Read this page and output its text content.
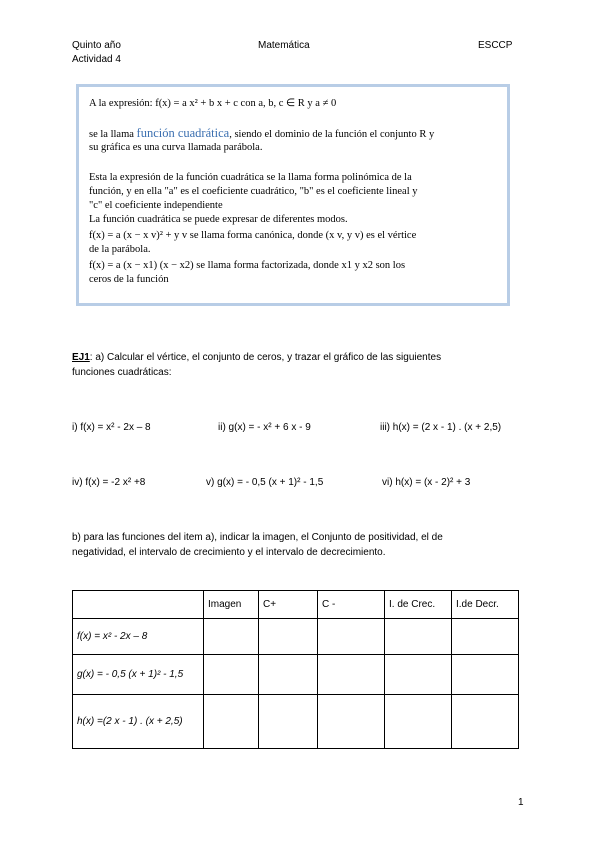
Quinto año
Actividad 4
Matemática	ESCCP
A la expresión: f(x) = a x² + b x + c con a, b, c ∈ R y a ≠ 0
se la llama función cuadrática, siendo el dominio de la función el conjunto R y
su gráfica es una curva llamada parábola.
Esta la expresión de la función cuadrática se la llama forma polinómica de la
función, y en ella "a" es el coeficiente cuadrático, "b" es el coeficiente lineal y
"c" el coeficiente independiente
La función cuadrática se puede expresar de diferentes modos.
f(x) = a (x − x v)² + y v se llama forma canónica, donde (x v, y v) es el vértice
de la parábola.
f(x) = a (x − x1) (x − x2) se llama forma factorizada, donde x1 y x2 son los
ceros de la función
EJ1: a) Calcular el vértice, el conjunto de ceros, y trazar el gráfico de las siguientes
funciones cuadráticas:
i) f(x) = x² - 2x – 8	ii) g(x) = - x² + 6 x - 9	iii) h(x) = (2 x - 1) . (x + 2,5)
iv) f(x) = -2 x² +8	v) g(x) = - 0,5 (x + 1)² - 1,5	vi) h(x) = (x - 2)² + 3
b) para las funciones del item a), indicar la imagen, el Conjunto de positividad, el de
negatividad, el intervalo de crecimiento y el intervalo de decrecimiento.
	Imagen	C+	C -	I. de Crec.	I.de Decr.
f(x) = x² - 2x – 8					
g(x) = - 0,5 (x + 1)² - 1,5					
h(x) =(2 x - 1) . (x + 2,5)					
1
